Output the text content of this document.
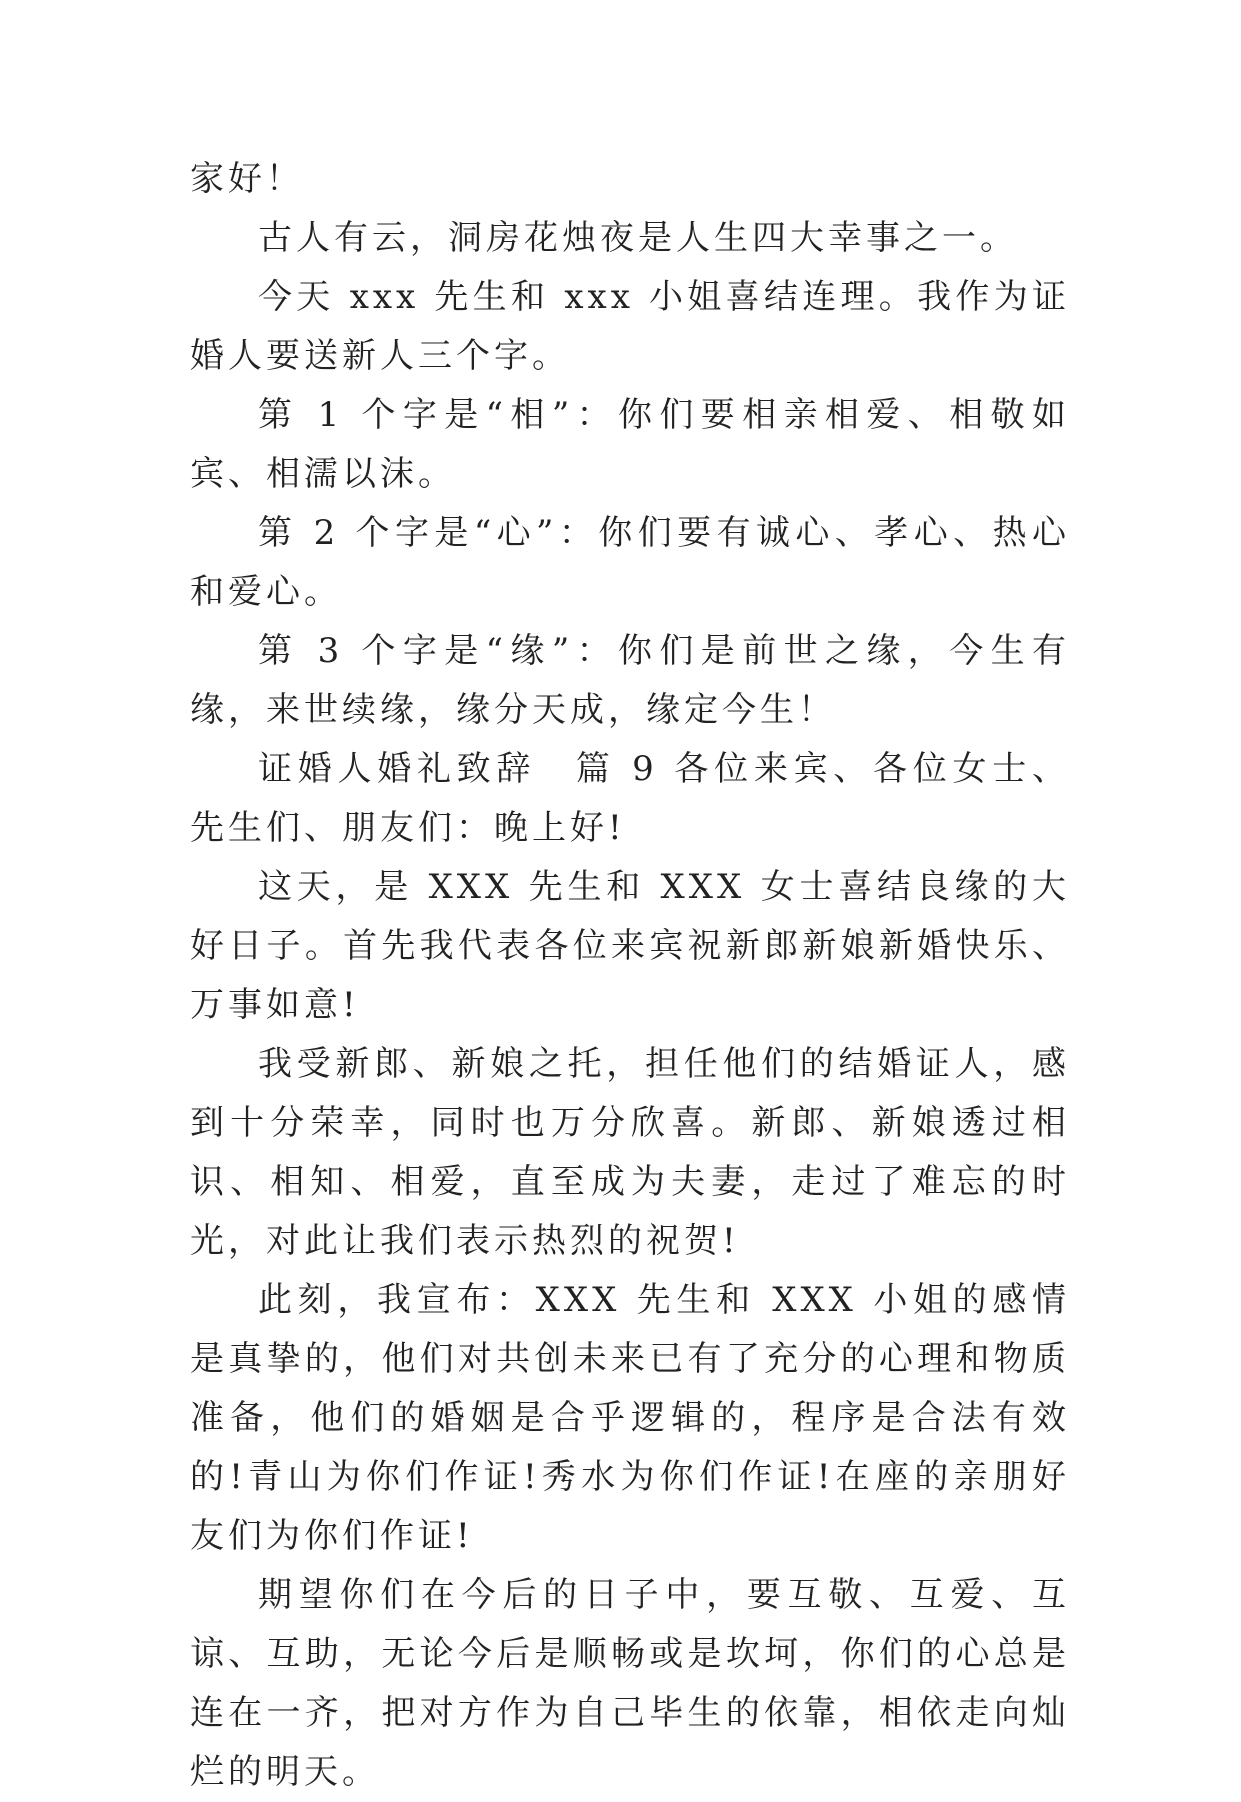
家好！

古人有云，洞房花烛夜是人生四大幸事之一。

今天 xxx 先生和 xxx 小姐喜结连理。我作为证婚人要送新人三个字。

第 1 个字是“相”：你们要相亲相爱、相敬如宾、相濡以沫。

第 2 个字是“心”：你们要有诚心、孝心、热心和爱心。

第 3 个字是“缘”：你们是前世之缘，今生有缘，来世续缘，缘分天成，缘定今生！

证婚人婚礼致辞　篇 9 各位来宾、各位女士、先生们、朋友们：晚上好!

这天，是 XXX 先生和 XXX 女士喜结良缘的大好日子。首先我代表各位来宾祝新郎新娘新婚快乐、万事如意!

我受新郎、新娘之托，担任他们的结婚证人，感到十分荣幸，同时也万分欣喜。新郎、新娘透过相识、相知、相爱，直至成为夫妻，走过了难忘的时光，对此让我们表示热烈的祝贺!

此刻，我宣布：XXX 先生和 XXX 小姐的感情是真挚的，他们对共创未来已有了充分的心理和物质准备，他们的婚姻是合乎逻辑的，程序是合法有效的!青山为你们作证!秀水为你们作证!在座的亲朋好友们为你们作证!

期望你们在今后的日子中，要互敬、互爱、互谅、互助，无论今后是顺畅或是坎坷，你们的心总是连在一齐，把对方作为自己毕生的依靠，相依走向灿烂的明天。
